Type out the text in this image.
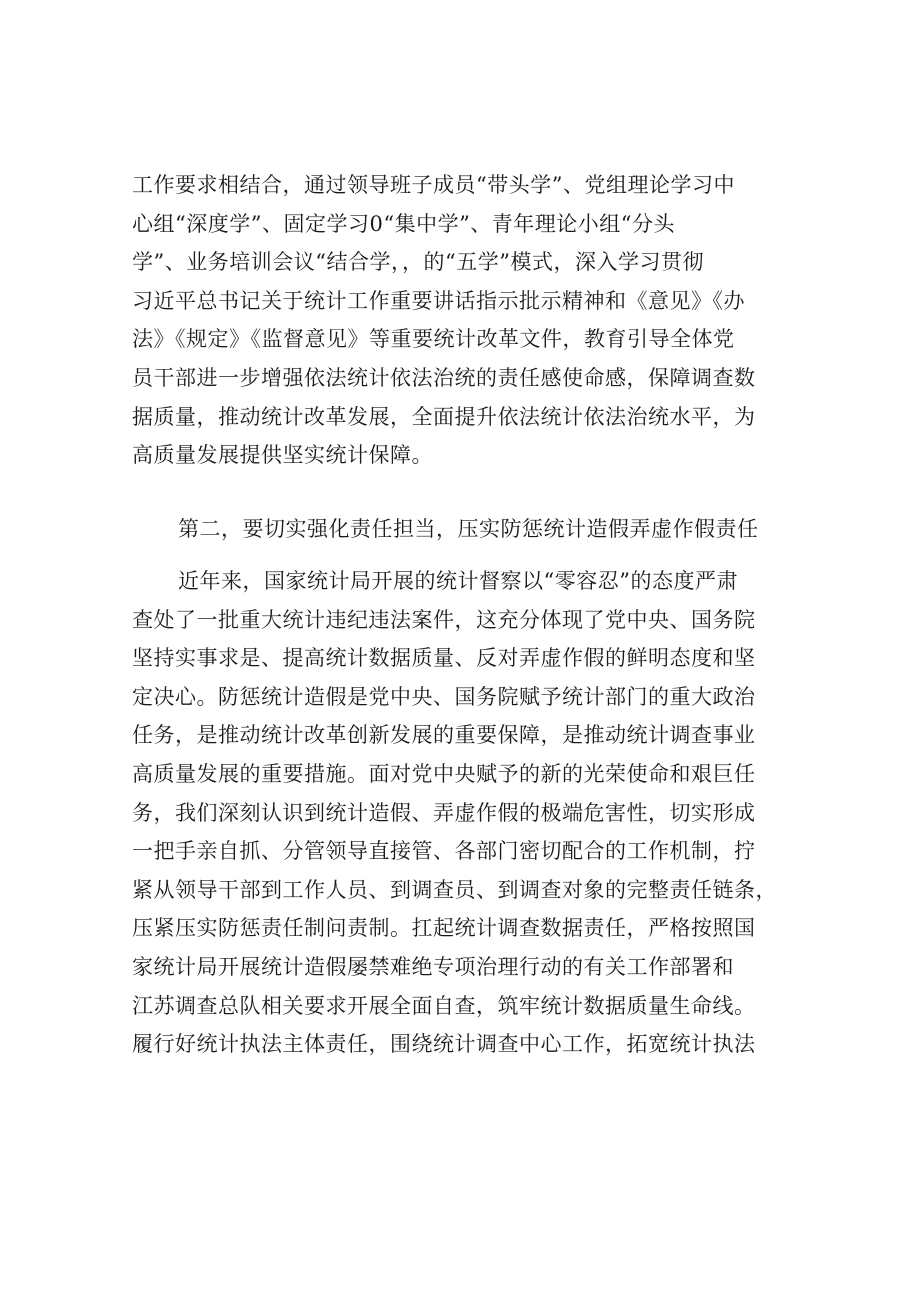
工作要求相结合，通过领导班子成员“带头学”、党组理论学习中
心组“深度学”、固定学习0“集中学”、青年理论小组“分头
学”、业务培训会议“结合学，，的“五学”模式，深入学习贯彻
习近平总书记关于统计工作重要讲话指示批示精神和《意见》《办
法》《规定》《监督意见》等重要统计改革文件，教育引导全体党
员干部进一步增强依法统计依法治统的责任感使命感，保障调查数
据质量，推动统计改革发展，全面提升依法统计依法治统水平，为
高质量发展提供坚实统计保障。
第二，要切实强化责任担当，压实防惩统计造假弄虚作假责任
近年来，国家统计局开展的统计督察以“零容忍”的态度严肃
查处了一批重大统计违纪违法案件，这充分体现了党中央、国务院
坚持实事求是、提高统计数据质量、反对弄虚作假的鲜明态度和坚
定决心。防惩统计造假是党中央、国务院赋予统计部门的重大政治
任务，是推动统计改革创新发展的重要保障，是推动统计调查事业
高质量发展的重要措施。面对党中央赋予的新的光荣使命和艰巨任
务，我们深刻认识到统计造假、弄虚作假的极端危害性，切实形成
一把手亲自抓、分管领导直接管、各部门密切配合的工作机制，拧
紧从领导干部到工作人员、到调查员、到调查对象的完整责任链条，
压紧压实防惩责任制问责制。扛起统计调查数据责任，严格按照国
家统计局开展统计造假屡禁难绝专项治理行动的有关工作部署和
江苏调查总队相关要求开展全面自查，筑牢统计数据质量生命线。
履行好统计执法主体责任，围绕统计调查中心工作，拓宽统计执法
